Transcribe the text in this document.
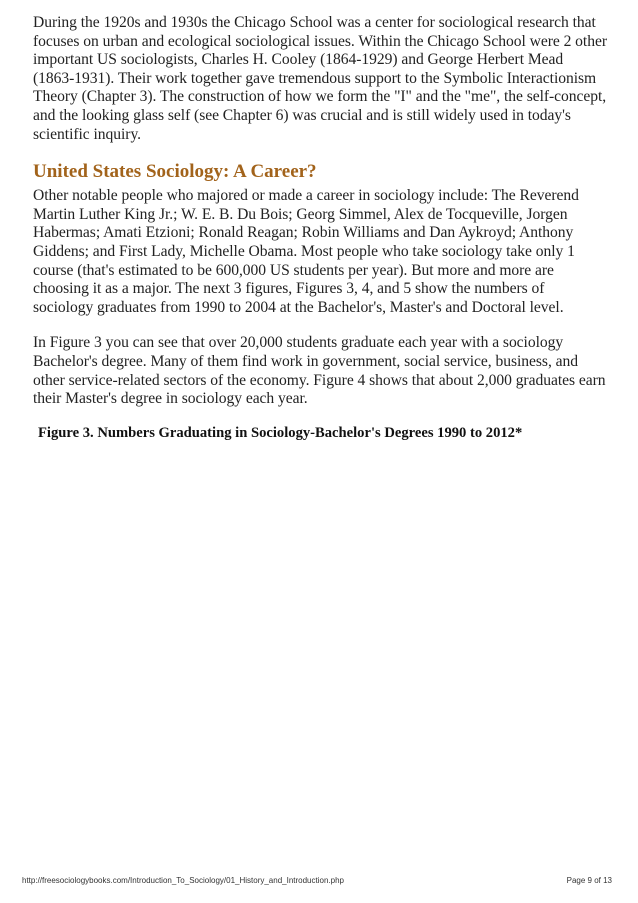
During the 1920s and 1930s the Chicago School was a center for sociological research that focuses on urban and ecological sociological issues. Within the Chicago School were 2 other important US sociologists, Charles H. Cooley (1864-1929) and George Herbert Mead (1863-1931). Their work together gave tremendous support to the Symbolic Interactionism Theory (Chapter 3). The construction of how we form the "I" and the "me", the self-concept, and the looking glass self (see Chapter 6) was crucial and is still widely used in today's scientific inquiry.

United States Sociology: A Career?

Other notable people who majored or made a career in sociology include: The Reverend Martin Luther King Jr.; W. E. B. Du Bois; Georg Simmel, Alex de Tocqueville, Jorgen Habermas; Amati Etzioni; Ronald Reagan; Robin Williams and Dan Aykroyd; Anthony Giddens; and First Lady, Michelle Obama. Most people who take sociology take only 1 course (that's estimated to be 600,000 US students per year). But more and more are choosing it as a major. The next 3 figures, Figures 3, 4, and 5 show the numbers of sociology graduates from 1990 to 2004 at the Bachelor's, Master's and Doctoral level.

In Figure 3 you can see that over 20,000 students graduate each year with a sociology Bachelor's degree. Many of them find work in government, social service, business, and other service-related sectors of the economy. Figure 4 shows that about 2,000 graduates earn their Master's degree in sociology each year.

Figure 3. Numbers Graduating in Sociology-Bachelor's Degrees 1990 to 2012*

http://freesociologybooks.com/Introduction_To_Sociology/01_History_and_Introduction.php	Page 9 of 13
